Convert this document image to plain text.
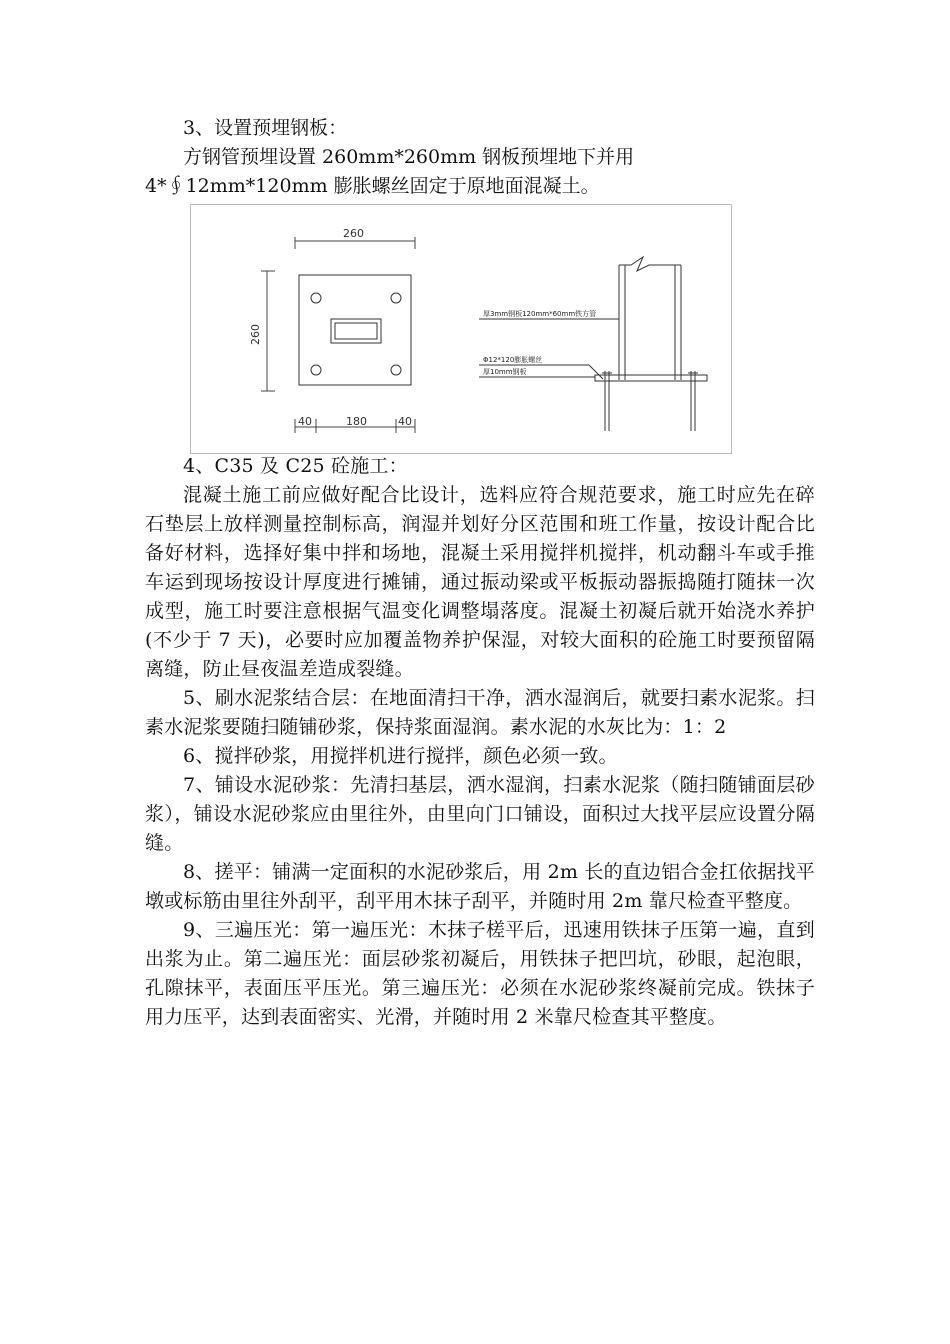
3、设置预埋钢板：

方钢管预埋设置 260mm*260mm 钢板预埋地下并用 4*∮12mm*120mm 膨胀螺丝固定于原地面混凝土。

260
260
40	180	40
厚3mm钢板120mm*60mm铁方管
Φ12*120膨胀螺丝
厚10mm钢板

4、C35 及 C25 砼施工：

混凝土施工前应做好配合比设计，选料应符合规范要求，施工时应先在碎石垫层上放样测量控制标高，润湿并划好分区范围和班工作量，按设计配合比备好材料，选择好集中拌和场地，混凝土采用搅拌机搅拌，机动翻斗车或手推车运到现场按设计厚度进行摊铺，通过振动梁或平板振动器振捣随打随抹一次成型，施工时要注意根据气温变化调整塌落度。混凝土初凝后就开始浇水养护(不少于 7 天)，必要时应加覆盖物养护保湿，对较大面积的砼施工时要预留隔离缝，防止昼夜温差造成裂缝。

5、刷水泥浆结合层：在地面清扫干净，洒水湿润后，就要扫素水泥浆。扫素水泥浆要随扫随铺砂浆，保持浆面湿润。素水泥的水灰比为：1：2

6、搅拌砂浆，用搅拌机进行搅拌，颜色必须一致。

7、铺设水泥砂浆：先清扫基层，洒水湿润，扫素水泥浆（随扫随铺面层砂浆），铺设水泥砂浆应由里往外，由里向门口铺设，面积过大找平层应设置分隔缝。

8、搓平：铺满一定面积的水泥砂浆后，用 2m 长的直边铝合金扛依据找平墩或标筋由里往外刮平，刮平用木抹子刮平，并随时用 2m 靠尺检查平整度。

9、三遍压光：第一遍压光：木抹子槎平后，迅速用铁抹子压第一遍，直到出浆为止。第二遍压光：面层砂浆初凝后，用铁抹子把凹坑，砂眼，起泡眼，孔隙抹平，表面压平压光。第三遍压光：必须在水泥砂浆终凝前完成。铁抹子用力压平，达到表面密实、光滑，并随时用 2 米靠尺检查其平整度。
